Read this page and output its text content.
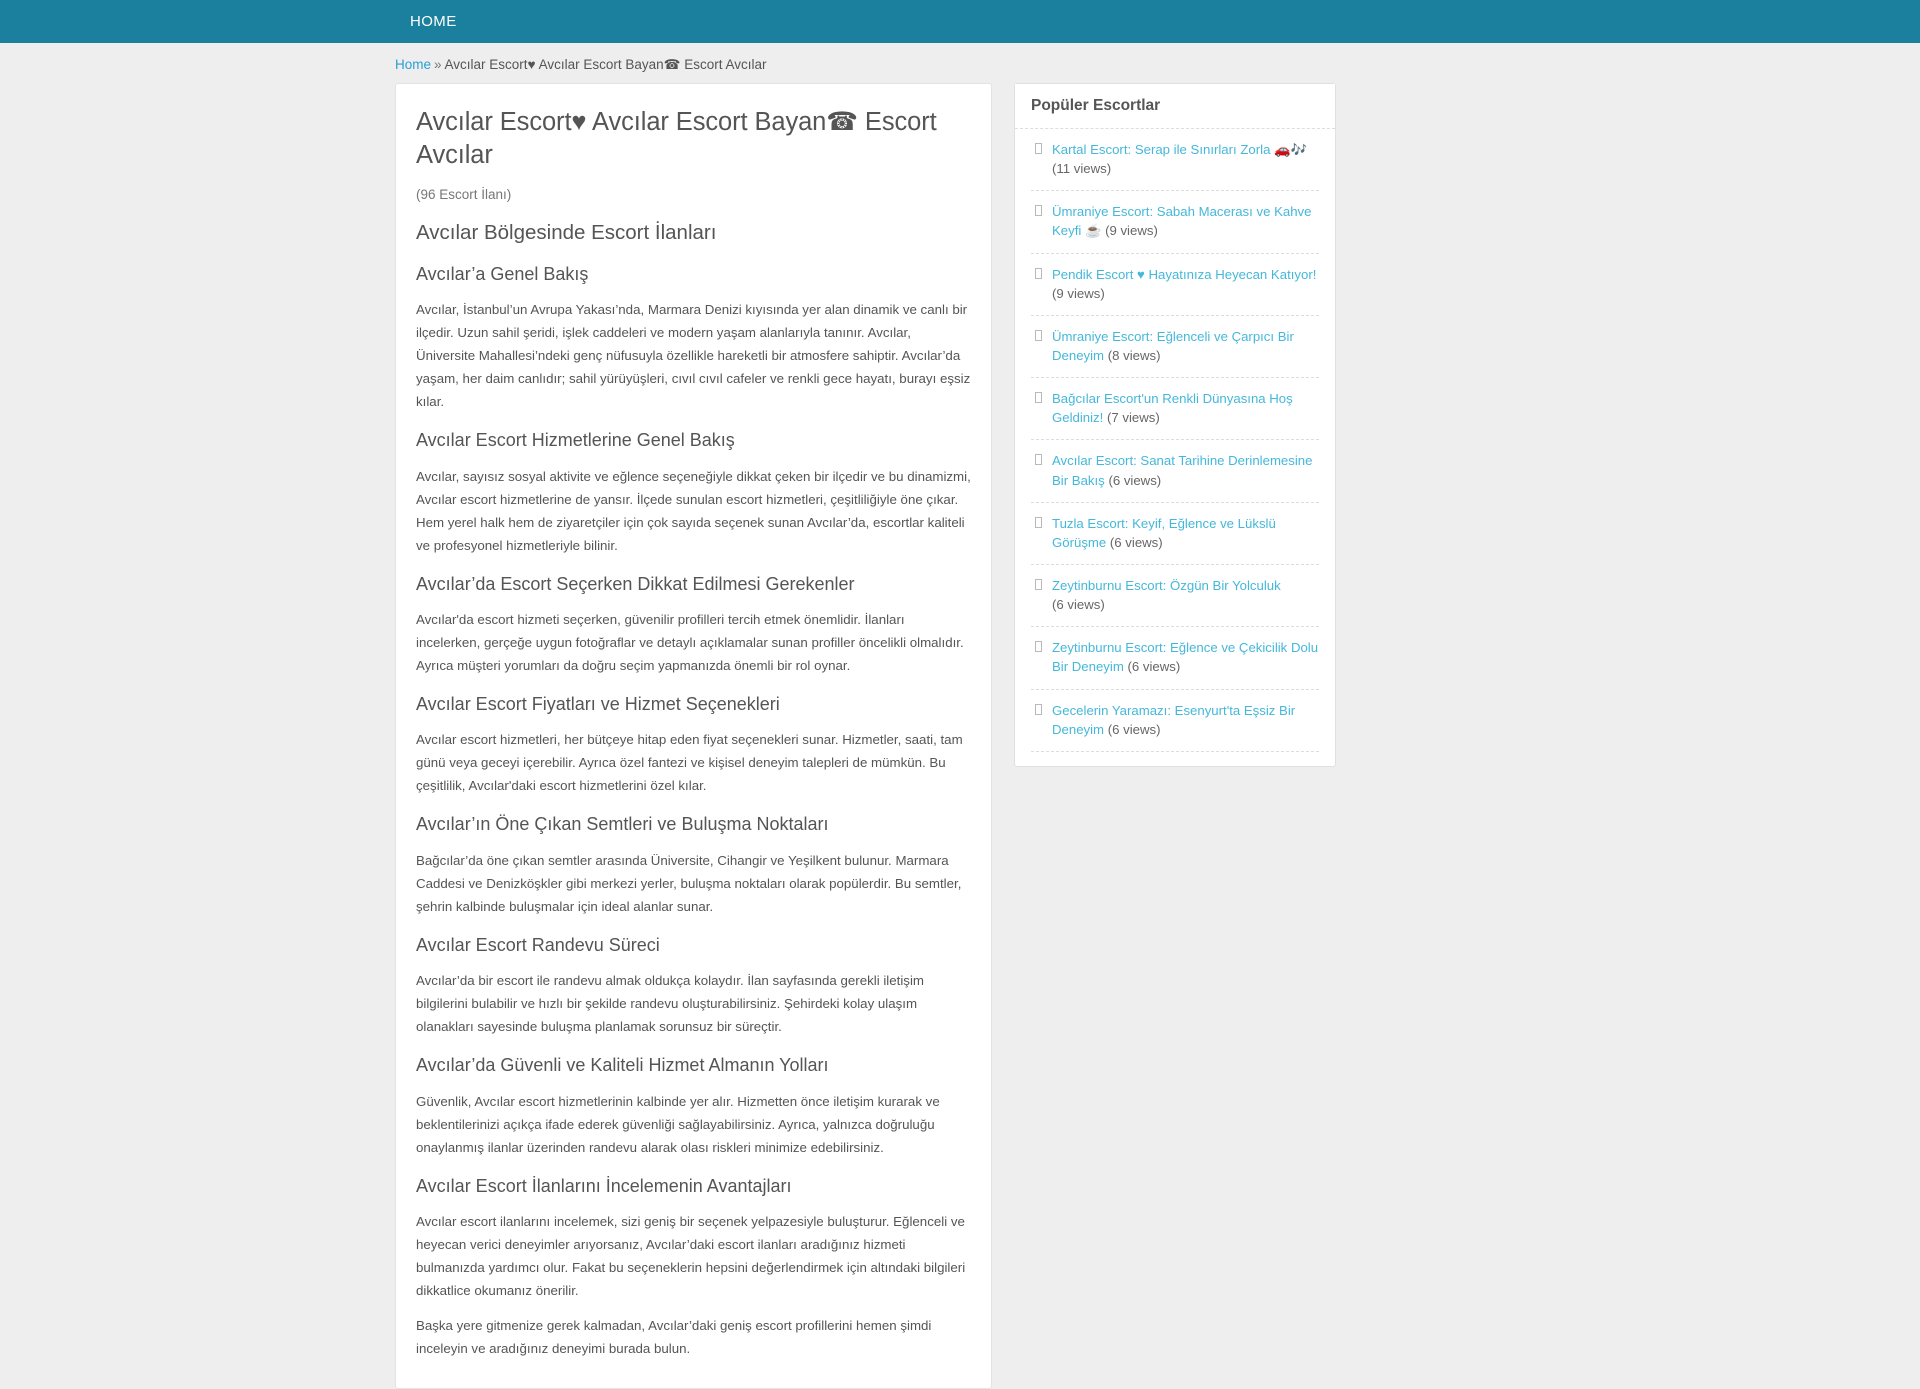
HOME
Home » Avcılar Escort♥ Avcılar Escort Bayan☎ Escort Avcılar
Avcılar Escort♥ Avcılar Escort Bayan☎ Escort Avcılar

(96 Escort İlanı)

Avcılar Bölgesinde Escort İlanları
Avcılar’a Genel Bakış

Avcılar, İstanbul’un Avrupa Yakası’nda, Marmara Denizi kıyısında yer alan dinamik ve canlı bir ilçedir. Uzun sahil şeridi, işlek caddeleri ve modern yaşam alanlarıyla tanınır. Avcılar, Üniversite Mahallesi’ndeki genç nüfusuyla özellikle hareketli bir atmosfere sahiptir. Avcılar’da yaşam, her daim canlıdır; sahil yürüyüşleri, cıvıl cıvıl cafeler ve renkli gece hayatı, burayı eşsiz kılar.

Avcılar Escort Hizmetlerine Genel Bakış

Avcılar, sayısız sosyal aktivite ve eğlence seçeneğiyle dikkat çeken bir ilçedir ve bu dinamizmi, Avcılar escort hizmetlerine de yansır. İlçede sunulan escort hizmetleri, çeşitliliğiyle öne çıkar. Hem yerel halk hem de ziyaretçiler için çok sayıda seçenek sunan Avcılar’da, escortlar kaliteli ve profesyonel hizmetleriyle bilinir.

Avcılar’da Escort Seçerken Dikkat Edilmesi Gerekenler

Avcılar'da escort hizmeti seçerken, güvenilir profilleri tercih etmek önemlidir. İlanları incelerken, gerçeğe uygun fotoğraflar ve detaylı açıklamalar sunan profiller öncelikli olmalıdır. Ayrıca müşteri yorumları da doğru seçim yapmanızda önemli bir rol oynar.

Avcılar Escort Fiyatları ve Hizmet Seçenekleri

Avcılar escort hizmetleri, her bütçeye hitap eden fiyat seçenekleri sunar. Hizmetler, saati, tam günü veya geceyi içerebilir. Ayrıca özel fantezi ve kişisel deneyim talepleri de mümkün. Bu çeşitlilik, Avcılar'daki escort hizmetlerini özel kılar.

Avcılar’ın Öne Çıkan Semtleri ve Buluşma Noktaları

Bağcılar’da öne çıkan semtler arasında Üniversite, Cihangir ve Yeşilkent bulunur. Marmara Caddesi ve Denizköşkler gibi merkezi yerler, buluşma noktaları olarak popülerdir. Bu semtler, şehrin kalbinde buluşmalar için ideal alanlar sunar.

Avcılar Escort Randevu Süreci

Avcılar’da bir escort ile randevu almak oldukça kolaydır. İlan sayfasında gerekli iletişim bilgilerini bulabilir ve hızlı bir şekilde randevu oluşturabilirsiniz. Şehirdeki kolay ulaşım olanakları sayesinde buluşma planlamak sorunsuz bir süreçtir.

Avcılar’da Güvenli ve Kaliteli Hizmet Almanın Yolları

Güvenlik, Avcılar escort hizmetlerinin kalbinde yer alır. Hizmetten önce iletişim kurarak ve beklentilerinizi açıkça ifade ederek güvenliği sağlayabilirsiniz. Ayrıca, yalnızca doğruluğu onaylanmış ilanlar üzerinden randevu alarak olası riskleri minimize edebilirsiniz.

Avcılar Escort İlanlarını İncelemenin Avantajları

Avcılar escort ilanlarını incelemek, sizi geniş bir seçenek yelpazesiyle buluşturur. Eğlenceli ve heyecan verici deneyimler arıyorsanız, Avcılar’daki escort ilanları aradığınız hizmeti bulmanızda yardımcı olur. Fakat bu seçeneklerin hepsini değerlendirmek için altındaki bilgileri dikkatlice okumanız önerilir.

Başka yere gitmenize gerek kalmadan, Avcılar’daki geniş escort profillerini hemen şimdi inceleyin ve aradığınız deneyimi burada bulun.

Popüler Escortlar
Kartal Escort: Serap ile Sınırları Zorla 🚗🎶
(11 views)
Ümraniye Escort: Sabah Macerası ve Kahve Keyfi ☕ (9 views)
Pendik Escort ♥ Hayatınıza Heyecan Katıyor!
(9 views)
Ümraniye Escort: Eğlenceli ve Çarpıcı Bir Deneyim (8 views)
Bağcılar Escort'un Renkli Dünyasına Hoş Geldiniz! (7 views)
Avcılar Escort: Sanat Tarihine Derinlemesine Bir Bakış (6 views)
Tuzla Escort: Keyif, Eğlence ve Lükslü Görüşme (6 views)
Zeytinburnu Escort: Özgün Bir Yolculuk
(6 views)
Zeytinburnu Escort: Eğlence ve Çekicilik Dolu Bir Deneyim (6 views)
Gecelerin Yaramazı: Esenyurt'ta Eşsiz Bir Deneyim (6 views)
